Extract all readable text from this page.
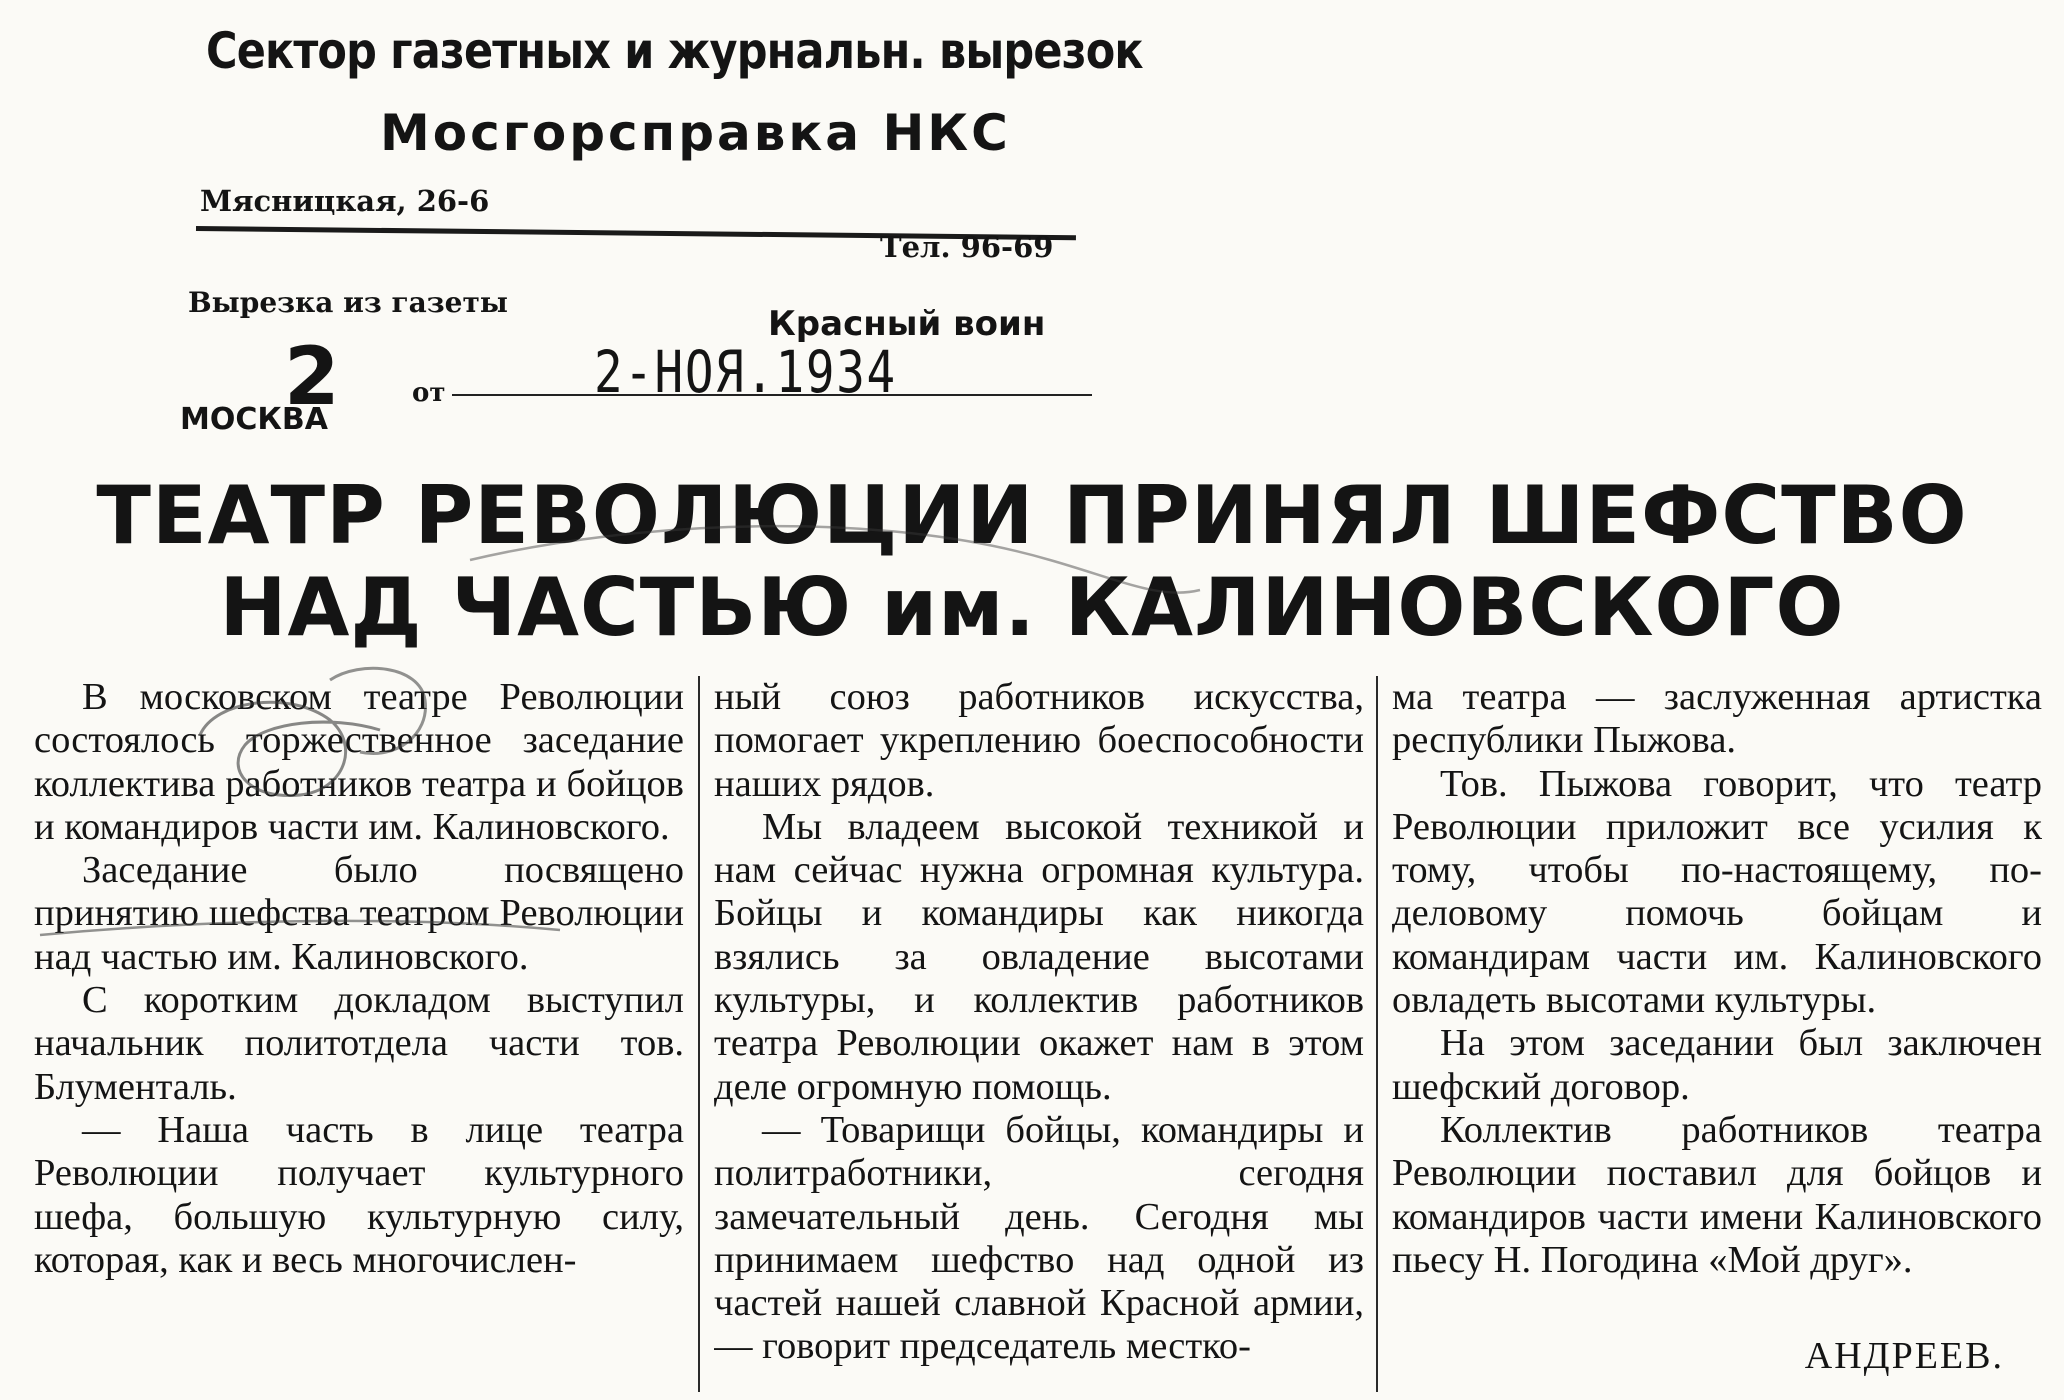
Сектор газетных и журнальн. вырезок
Мосгорсправка НКС
Мясницкая, 26-6
Тел. 96-69
Вырезка из газеты
Красный воин
2
МОСКВА
от	2-НОЯ.1934
ТЕАТР РЕВОЛЮЦИИ ПРИНЯЛ ШЕФСТВО
НАД ЧАСТЬЮ им. КАЛИНОВСКОГО

В московском театре Революции состоялось торжественное заседание коллектива работников театра и бойцов и командиров части им. Калиновского.

Заседание было посвящено принятию шефства театром Революции над частью им. Калиновского.

С коротким докладом выступил начальник политотдела части тов. Блументаль.

— Наша часть в лице театра Революции получает культурного шефа, большую культурную силу, которая, как и весь многочислен-

ный союз работников искусства, помогает укреплению боеспособности наших рядов.

Мы владеем высокой техникой и нам сейчас нужна огромная культура. Бойцы и командиры как никогда взялись за овладение высотами культуры, и коллектив работников театра Революции окажет нам в этом деле огромную помощь.

— Товарищи бойцы, командиры и политработники, сегодня замечательный день. Сегодня мы принимаем шефство над одной из частей нашей славной Красной армии, — говорит председатель местко-

ма театра — заслуженная артистка республики Пыжова.

Тов. Пыжова говорит, что театр Революции приложит все усилия к тому, чтобы по-настоящему, по-деловому помочь бойцам и командирам части им. Калиновского овладеть высотами культуры.

На этом заседании был заключен шефский договор.

Коллектив работников театра Революции поставил для бойцов и командиров части имени Калиновского пьесу Н. Погодина «Мой друг».

АНДРЕЕВ.
